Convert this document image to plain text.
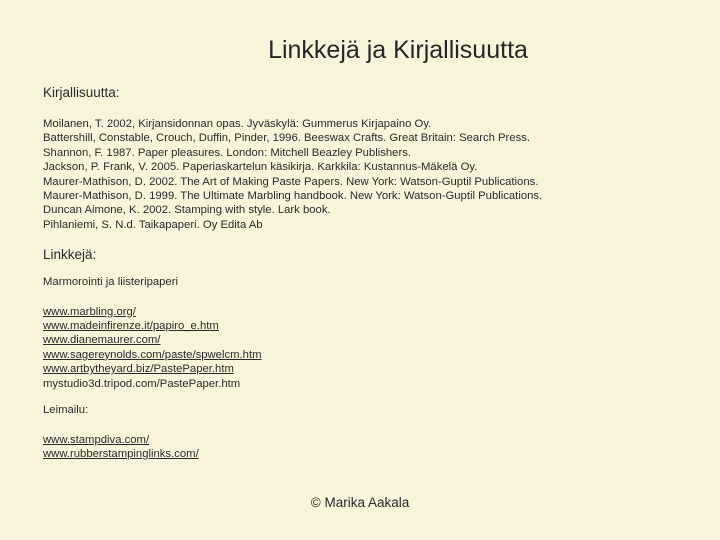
Linkkejä ja Kirjallisuutta

Kirjallisuutta:

Moilanen, T. 2002, Kirjansidonnan opas. Jyväskylä: Gummerus Kirjapaino Oy.
Battershill, Constable, Crouch, Duffin, Pinder, 1996. Beeswax Crafts. Great Britain: Search Press.
Shannon, F. 1987. Paper pleasures. London: Mitchell Beazley Publishers.
Jackson, P. Frank, V. 2005. Paperiaskartelun käsikirja. Karkkila: Kustannus-Mäkelä Oy.
Maurer-Mathison, D. 2002. The Art of Making Paste Papers. New York: Watson-Guptil Publications.
Maurer-Mathison, D. 1999. The Ultimate Marbling handbook. New York: Watson-Guptil Publications.
Duncan Aimone, K. 2002. Stamping with style. Lark book.
Pihlaniemi, S. N.d. Taikapaperi. Oy Edita Ab

Linkkejä:

Marmorointi ja liisteripaperi

www.marbling.org/
www.madeinfirenze.it/papiro_e.htm
www.dianemaurer.com/
www.sagereynolds.com/paste/spwelcm.htm
www.artbytheyard.biz/PastePaper.htm
mystudio3d.tripod.com/PastePaper.htm

Leimailu:

www.stampdiva.com/
www.rubberstampinglinks.com/

© Marika Aakala
